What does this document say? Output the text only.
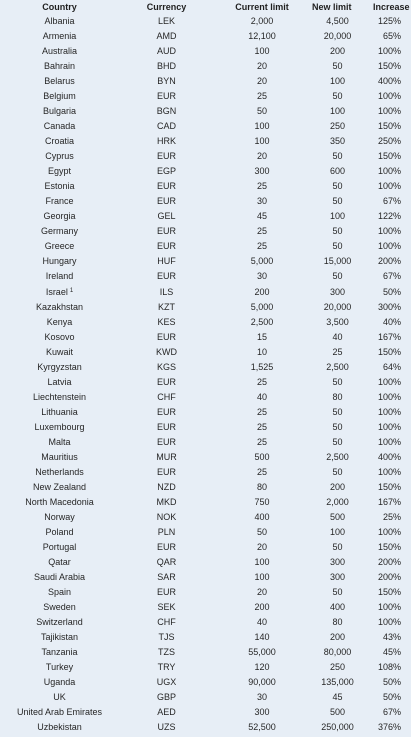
Country	Currency	Current limit	New limit	Increase
Albania	LEK	2,000	4,500	125%
Armenia	AMD	12,100	20,000	65%
Australia	AUD	100	200	100%
Bahrain	BHD	20	50	150%
Belarus	BYN	20	100	400%
Belgium	EUR	25	50	100%
Bulgaria	BGN	50	100	100%
Canada	CAD	100	250	150%
Croatia	HRK	100	350	250%
Cyprus	EUR	20	50	150%
Egypt	EGP	300	600	100%
Estonia	EUR	25	50	100%
France	EUR	30	50	67%
Georgia	GEL	45	100	122%
Germany	EUR	25	50	100%
Greece	EUR	25	50	100%
Hungary	HUF	5,000	15,000	200%
Ireland	EUR	30	50	67%
Israel $^1$	ILS	200	300	50%
Kazakhstan	KZT	5,000	20,000	300%
Kenya	KES	2,500	3,500	40%
Kosovo	EUR	15	40	167%
Kuwait	KWD	10	25	150%
Kyrgyzstan	KGS	1,525	2,500	64%
Latvia	EUR	25	50	100%
Liechtenstein	CHF	40	80	100%
Lithuania	EUR	25	50	100%
Luxembourg	EUR	25	50	100%
Malta	EUR	25	50	100%
Mauritius	MUR	500	2,500	400%
Netherlands	EUR	25	50	100%
New Zealand	NZD	80	200	150%
North Macedonia	MKD	750	2,000	167%
Norway	NOK	400	500	25%
Poland	PLN	50	100	100%
Portugal	EUR	20	50	150%
Qatar	QAR	100	300	200%
Saudi Arabia	SAR	100	300	200%
Spain	EUR	20	50	150%
Sweden	SEK	200	400	100%
Switzerland	CHF	40	80	100%
Tajikistan	TJS	140	200	43%
Tanzania	TZS	55,000	80,000	45%
Turkey	TRY	120	250	108%
Uganda	UGX	90,000	135,000	50%
UK	GBP	30	45	50%
United Arab Emirates	AED	300	500	67%
Uzbekistan	UZS	52,500	250,000	376%
